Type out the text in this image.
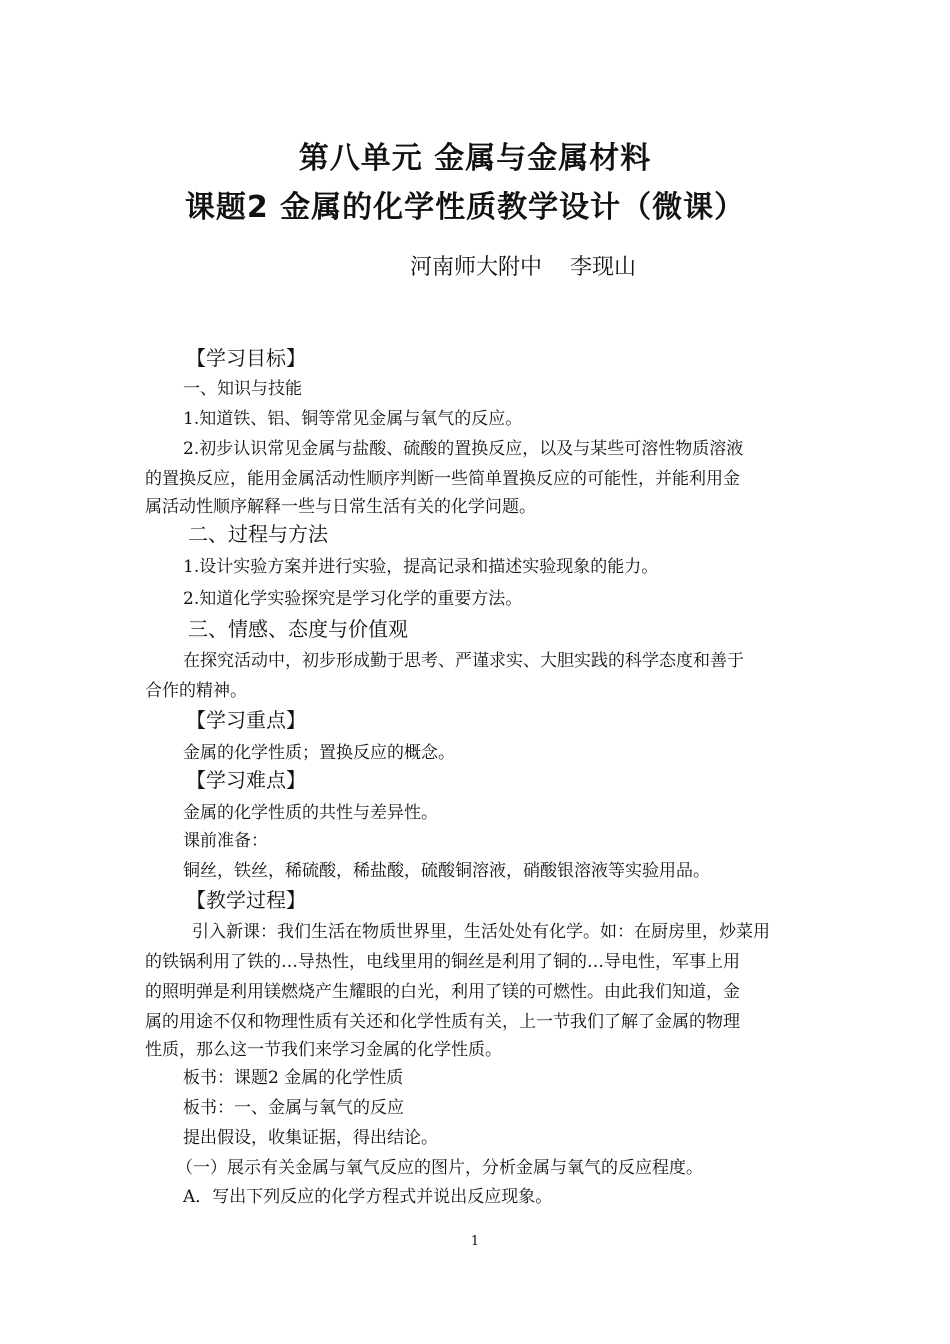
第八单元 金属与金属材料
课题2 金属的化学性质教学设计（微课）
河南师大附中    李现山
【学习目标】
一、知识与技能
1.知道铁、铝、铜等常见金属与氧气的反应。
2.初步认识常见金属与盐酸、硫酸的置换反应，以及与某些可溶性物质溶液
的置换反应，能用金属活动性顺序判断一些简单置换反应的可能性，并能利用金
属活动性顺序解释一些与日常生活有关的化学问题。
二、过程与方法
1.设计实验方案并进行实验，提高记录和描述实验现象的能力。
2.知道化学实验探究是学习化学的重要方法。
三、情感、态度与价值观
在探究活动中，初步形成勤于思考、严谨求实、大胆实践的科学态度和善于
合作的精神。
【学习重点】
金属的化学性质；置换反应的概念。
【学习难点】
金属的化学性质的共性与差异性。
课前准备：
铜丝，铁丝，稀硫酸，稀盐酸，硫酸铜溶液，硝酸银溶液等实验用品。
【教学过程】
引入新课：我们生活在物质世界里，生活处处有化学。如：在厨房里，炒菜用
的铁锅利用了铁的…导热性，电线里用的铜丝是利用了铜的…导电性，军事上用
的照明弹是利用镁燃烧产生耀眼的白光，利用了镁的可燃性。由此我们知道，金
属的用途不仅和物理性质有关还和化学性质有关，上一节我们了解了金属的物理
性质，那么这一节我们来学习金属的化学性质。
板书：课题2 金属的化学性质
板书：一、金属与氧气的反应
提出假设，收集证据，得出结论。
（一）展示有关金属与氧气反应的图片，分析金属与氧气的反应程度。
A．写出下列反应的化学方程式并说出反应现象。
1
